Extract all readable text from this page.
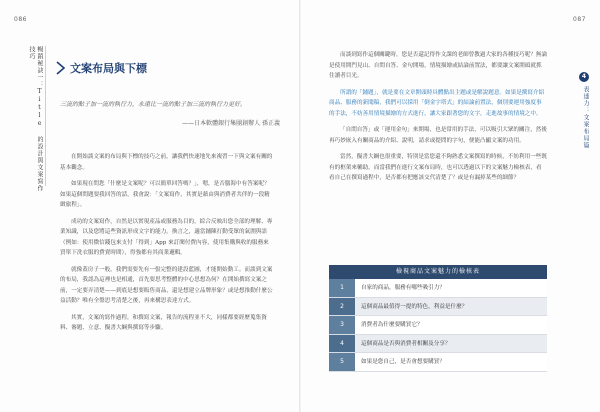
086	087
暢銷秘訣一：Title 的設計與文案寫作技巧
4
表達力：文案布局篇
文案布局與下標
三流的點子加一流的執行力，永遠比一流的點子加三流的執行力更好。
——日本軟體銀行集團創辦人 孫正義

在開始談文案的布局與下標的技巧之前，讓我們快速地先來複習一下與文案有關的基本觀念。

如果現在問您「什麼是文案呢？可以簡單回答嗎？」，嗯，是否腦海中有答案呢？如果這個問題要我回答的話，我會說：「文案寫作，其實是藉由與消費者共伴的一段精緻旅程」。

成功的文案寫作，自然是以實現產品或服務為目的，綜合反映出您全部的理解、專業知識，以及您將這些資訊形成文字的能力。換言之，適當鋪陳打動受眾的氣圍與語（例如：使用微信錢包來支付「得到」App 來訂閱付費內容，使用集購與收的服務來買單下洗衣服的費賣時間），得強都有其商業邏輯。

就像蓋房子一般，我們需要先有一張完整的建設藍圖，才能開始動工。而談到文案的布局，我認為這裡也是相通，首先要思考整體的中心思想為何？在開始撰寫文案之前，一定要弄清楚——到底是想要販售商品，還是想建立品牌形象？或是想推動什麼公益活動？唯有全盤思考清楚之後，再來構思表達方式。

其實，文案的寫作過程，和撰寫文案，報告的流程並不大，同樣都要經歷蒐集資料、審題、立意、擬書大綱與撰寫等步驟。

而談到寫作這個關鍵時，您是否還記得作文課的老師曾教過大家的各種技巧呢？無論是使用開門見山、自問自答、金句開場，情境描繪或結論前置法，都要讓文案開頭就抓住讀者目光。

所謂的「鋪題」，就是要在文章開頭時具體點出主題或是解說題意。如果是撰寫介紹商品、服務的新聞稿，我們可以採用「倒金字塔式」的結論前置法，個別要運用強度事的手法，不妨善用情境描繪的方式進行，讓大家跟著您的文字，走進故事的情境之中。

「自問自答」或「運用金句」來開場，也是常用的手法，可以吸引大眾的關注，然後再巧妙嵌入有關商品的介紹、說明，請求或提問的字句，便能凸顯文案的功用。

當然，擬書大綱也很重要，特別是當您還不夠熟悉文案撰寫的時候，不妨利用一些既有的框架來輔助。而當我們在進行文案布局時，也可以透過以下的文案魅力檢核表，看看自己在撰寫過程中，是否都有把應該交代清楚了？或是有漏掉某些的細節？

檢視商品文案魅力的檢核表
1	自家的商品，服務有哪些吸引力？
2	這個商品最值得一提的特色，利益是什麼？
3	消費者為什麼要購買它？
4	這個商品是否與消費者相關及分享？
5	如果是您自己，是否會想要購買？
